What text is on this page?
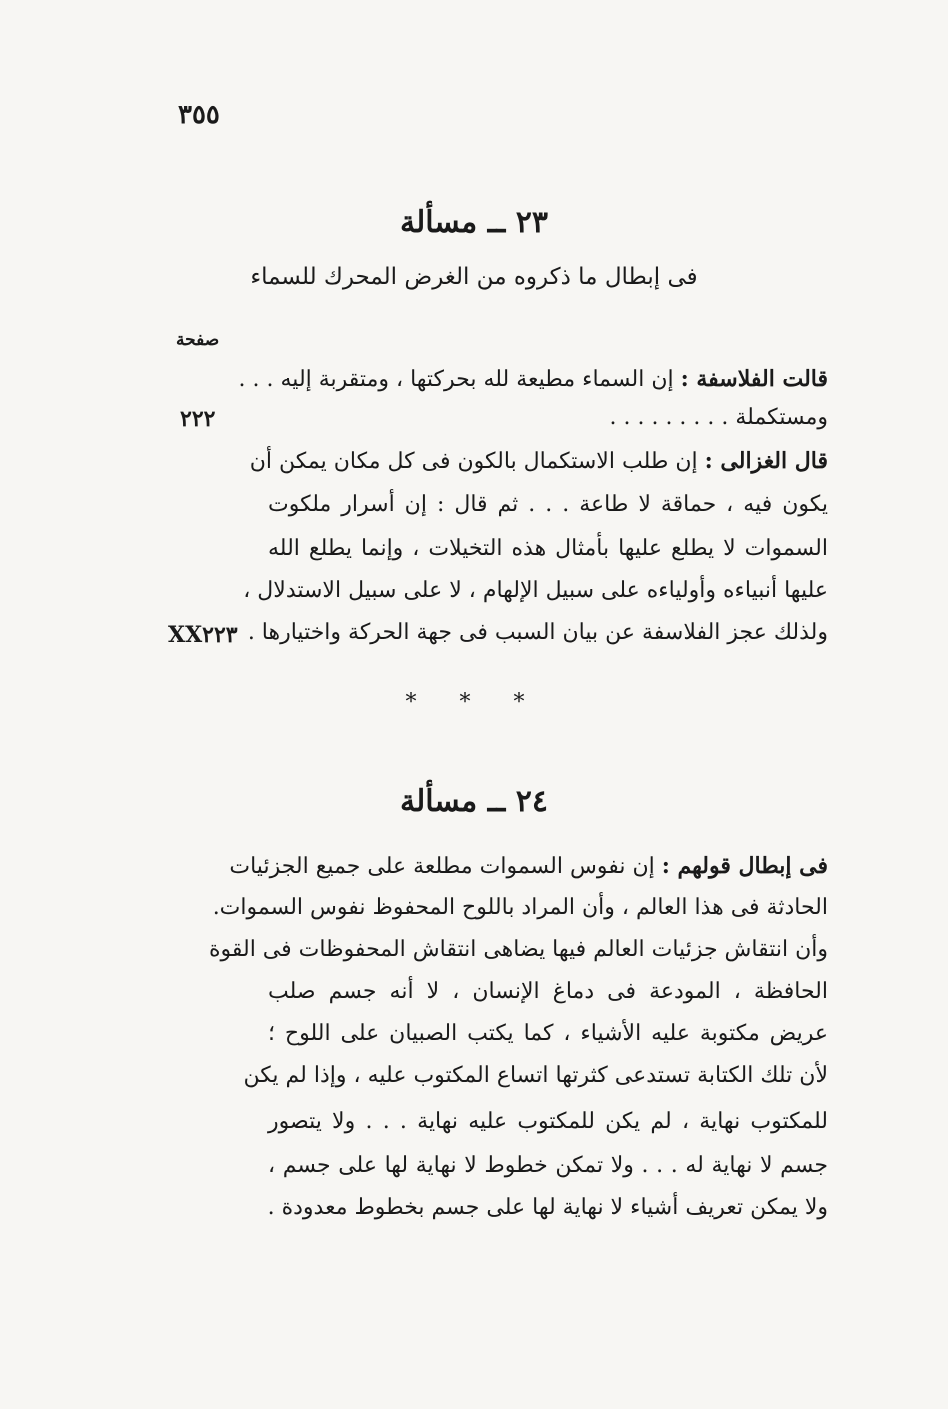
٣٥٥
٢٣ ــ مسألة
فى إبطال ما ذكروه من الغرض المحرك للسماء
صفحة
قالت الفلاسفة : إن السماء مطيعة لله بحركتها ، ومتقربة إليه . . .
ومستكملة . . . . . . . . .
قال الغزالى : إن طلب الاستكمال بالكون فى كل مكان يمكن أن
يكون فيه ، حماقة لا طاعة . . . ثم قال : إن أسرار ملكوت
السموات لا يطلع عليها بأمثال هذه التخيلات ، وإنما يطلع الله
عليها أنبياءه وأولياءه على سبيل الإلهام ، لا على سبيل الاستدلال ،
ولذلك عجز الفلاسفة عن بيان السبب فى جهة الحركة واختيارها .
٢٢٢
XX٢٢٣
* * *
٢٤ ــ مسألة
فى إبطال قولهم : إن نفوس السموات مطلعة على جميع الجزئيات
الحادثة فى هذا العالم ، وأن المراد باللوح المحفوظ نفوس السموات.
وأن انتقاش جزئيات العالم فيها يضاهى انتقاش المحفوظات فى القوة
الحافظة ، المودعة فى دماغ الإنسان ، لا أنه جسم صلب
عريض مكتوبة عليه الأشياء ، كما يكتب الصبيان على اللوح ؛
لأن تلك الكتابة تستدعى كثرتها اتساع المكتوب عليه ، وإذا لم يكن
للمكتوب نهاية ، لم يكن للمكتوب عليه نهاية . . . ولا يتصور
جسم لا نهاية له . . . ولا تمكن خطوط لا نهاية لها على جسم ،
ولا يمكن تعريف أشياء لا نهاية لها على جسم بخطوط معدودة .
